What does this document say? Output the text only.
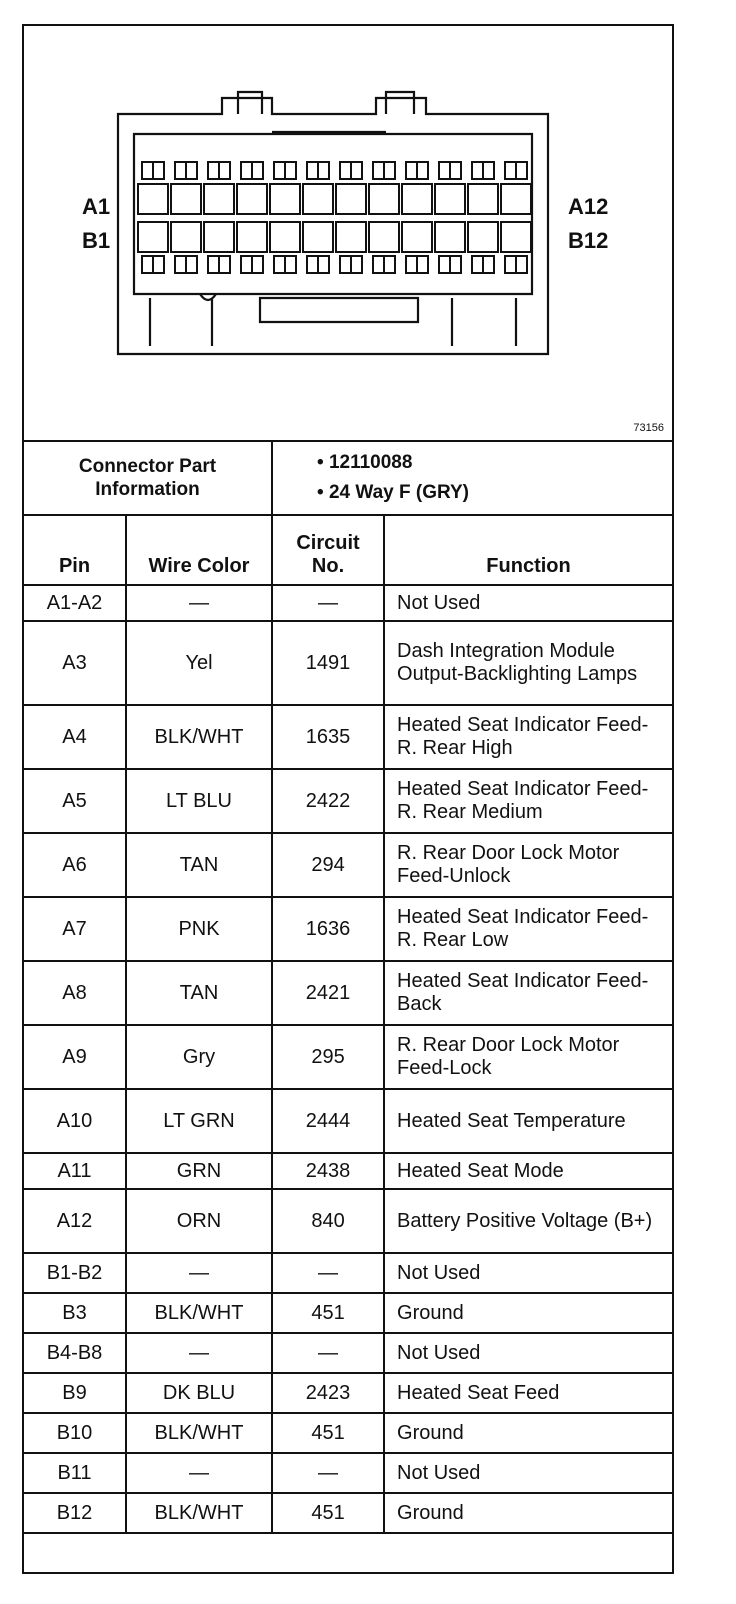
A1
B1
A12
B12
73156
Connector Part Information		• 12110088
• 24 Way F (GRY)	

Pin	Wire Color	Circuit No.	Function
A1-A2	—	—	Not Used
A3	Yel	1491	Dash Integration Module Output-Backlighting Lamps
A4	BLK/WHT	1635	Heated Seat Indicator Feed-R. Rear High
A5	LT BLU	2422	Heated Seat Indicator Feed-R. Rear Medium
A6	TAN	294	R. Rear Door Lock Motor Feed-Unlock
A7	PNK	1636	Heated Seat Indicator Feed-R. Rear Low
A8	TAN	2421	Heated Seat Indicator Feed-Back
A9	Gry	295	R. Rear Door Lock Motor Feed-Lock
A10	LT GRN	2444	Heated Seat Temperature
A11	GRN	2438	Heated Seat Mode
A12	ORN	840	Battery Positive Voltage (B+)
B1-B2	—	—	Not Used
B3	BLK/WHT	451	Ground
B4-B8	—	—	Not Used
B9	DK BLU	2423	Heated Seat Feed
B10	BLK/WHT	451	Ground
B11	—	—	Not Used
B12	BLK/WHT	451	Ground
